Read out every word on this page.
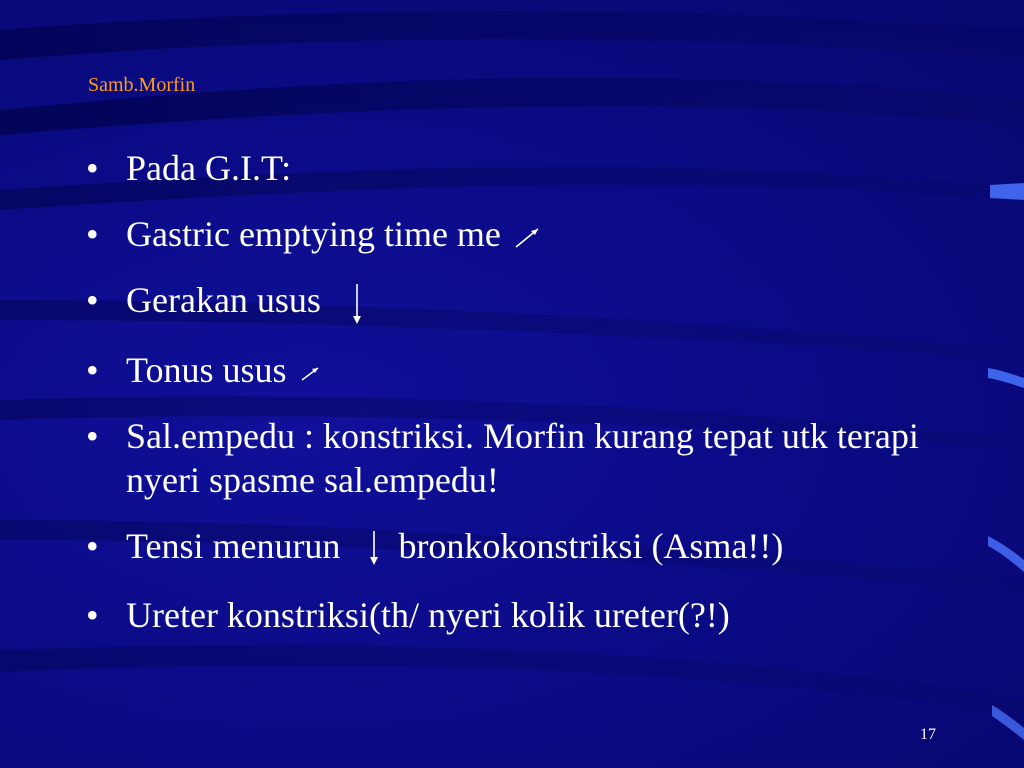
Samb.Morfin
• Pada G.I.T:
• Gastric emptying time me
• Gerakan usus
• Tonus usus
• Sal.empedu : konstriksi. Morfin kurang tepat utk terapi nyeri spasme sal.empedu!
• Tensi menurun bronkokonstriksi (Asma!!)
• Ureter konstriksi(th/ nyeri kolik ureter(?!)
17
